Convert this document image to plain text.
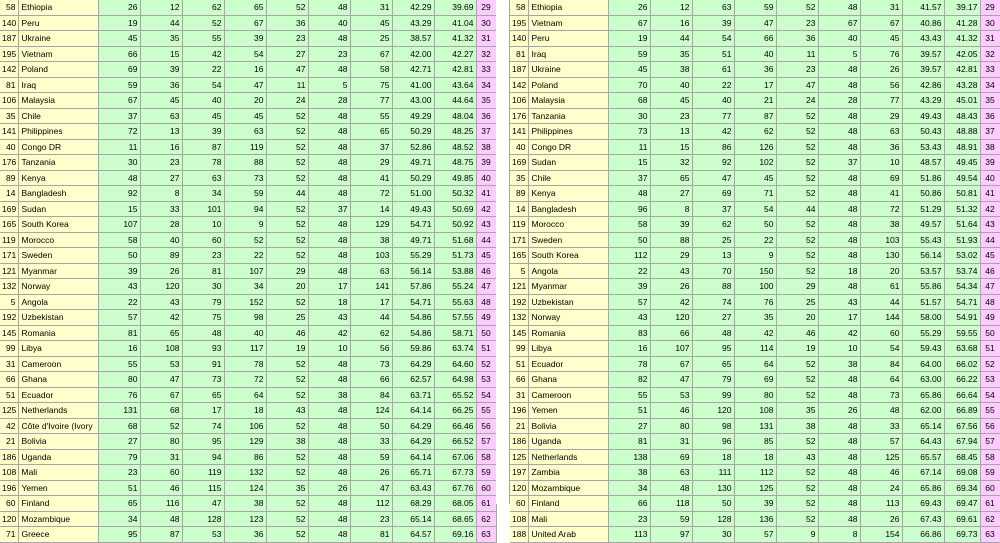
58	Ethiopia	26	12	62	65	52	48	31	42.29	39.69	29
140	Peru	19	44	52	67	36	40	45	43.29	41.04	30
187	Ukraine	45	35	55	39	23	48	25	38.57	41.32	31
195	Vietnam	66	15	42	54	27	23	67	42.00	42.27	32
142	Poland	69	39	22	16	47	48	58	42.71	42.81	33
81	Iraq	59	36	54	47	11	5	75	41.00	43.64	34
106	Malaysia	67	45	40	20	24	28	77	43.00	44.64	35
35	Chile	37	63	45	45	52	48	55	49.29	48.04	36
141	Philippines	72	13	39	63	52	48	65	50.29	48.25	37
40	Congo DR	11	16	87	119	52	48	37	52.86	48.52	38
176	Tanzania	30	23	78	88	52	48	29	49.71	48.75	39
89	Kenya	48	27	63	73	52	48	41	50.29	49.85	40
14	Bangladesh	92	8	34	59	44	48	72	51.00	50.32	41
169	Sudan	15	33	101	94	52	37	14	49.43	50.69	42
165	South Korea	107	28	10	9	52	48	129	54.71	50.92	43
119	Morocco	58	40	60	52	52	48	38	49.71	51.68	44
171	Sweden	50	89	23	22	52	48	103	55.29	51.73	45
121	Myanmar	39	26	81	107	29	48	63	56.14	53.88	46
132	Norway	43	120	30	34	20	17	141	57.86	55.24	47
5	Angola	22	43	79	152	52	18	17	54.71	55.63	48
192	Uzbekistan	57	42	75	98	25	43	44	54.86	57.55	49
145	Romania	81	65	48	40	46	42	62	54.86	58.71	50
99	Libya	16	108	93	117	19	10	56	59.86	63.74	51
31	Cameroon	55	53	91	78	52	48	73	64.29	64.60	52
66	Ghana	80	47	73	72	52	48	66	62.57	64.98	53
51	Ecuador	76	67	65	64	52	38	84	63.71	65.52	54
125	Netherlands	131	68	17	18	43	48	124	64.14	66.25	55
42	Côte d'Ivoire (Ivory	68	52	74	106	52	48	50	64.29	66.46	56
21	Bolivia	27	80	95	129	38	48	33	64.29	66.52	57
186	Uganda	79	31	94	86	52	48	59	64.14	67.06	58
108	Mali	23	60	119	132	52	48	26	65.71	67.73	59
196	Yemen	51	46	115	124	35	26	47	63.43	67.76	60
60	Finland	65	116	47	38	52	48	112	68.29	68.05	61
120	Mozambique	34	48	128	123	52	48	23	65.14	68.65	62
71	Greece	95	87	53	36	52	48	81	64.57	69.16	63
58	Ethiopia	26	12	63	59	52	48	31	41.57	39.17	29
195	Vietnam	67	16	39	47	23	67	67	40.86	41.28	30
140	Peru	19	44	54	66	36	40	45	43.43	41.32	31
81	Iraq	59	35	51	40	11	5	76	39.57	42.05	32
187	Ukraine	45	38	61	36	23	48	26	39.57	42.81	33
142	Poland	70	40	22	17	47	48	56	42.86	43.28	34
106	Malaysia	68	45	40	21	24	28	77	43.29	45.01	35
176	Tanzania	30	23	77	87	52	48	29	49.43	48.43	36
141	Philippines	73	13	42	62	52	48	63	50.43	48.88	37
40	Congo DR	11	15	86	126	52	48	36	53.43	48.91	38
169	Sudan	15	32	92	102	52	37	10	48.57	49.45	39
35	Chile	37	65	47	45	52	48	69	51.86	49.54	40
89	Kenya	48	27	69	71	52	48	41	50.86	50.81	41
14	Bangladesh	96	8	37	54	44	48	72	51.29	51.32	42
119	Morocco	58	39	62	50	52	48	38	49.57	51.64	43
171	Sweden	50	88	25	22	52	48	103	55.43	51.93	44
165	South Korea	112	29	13	9	52	48	130	56.14	53.02	45
5	Angola	22	43	70	150	52	18	20	53.57	53.74	46
121	Myanmar	39	26	88	100	29	48	61	55.86	54.34	47
192	Uzbekistan	57	42	74	76	25	43	44	51.57	54.71	48
132	Norway	43	120	27	35	20	17	144	58.00	54.91	49
145	Romania	83	66	48	42	46	42	60	55.29	59.55	50
99	Libya	16	107	95	114	19	10	54	59.43	63.68	51
51	Ecuador	78	67	65	64	52	38	84	64.00	66.02	52
66	Ghana	82	47	79	69	52	48	64	63.00	66.22	53
31	Cameroon	55	53	99	80	52	48	73	65.86	66.64	54
196	Yemen	51	46	120	108	35	26	48	62.00	66.89	55
21	Bolivia	27	80	98	131	38	48	33	65.14	67.56	56
186	Uganda	81	31	96	85	52	48	57	64.43	67.94	57
125	Netherlands	138	69	18	18	43	48	125	65.57	68.45	58
197	Zambia	38	63	111	112	52	48	46	67.14	69.08	59
120	Mozambique	34	48	130	125	52	48	24	65.86	69.34	60
60	Finland	66	118	50	39	52	48	113	69.43	69.47	61
108	Mali	23	59	128	136	52	48	26	67.43	69.61	62
188	United Arab	113	97	30	57	9	8	154	66.86	69.73	63
